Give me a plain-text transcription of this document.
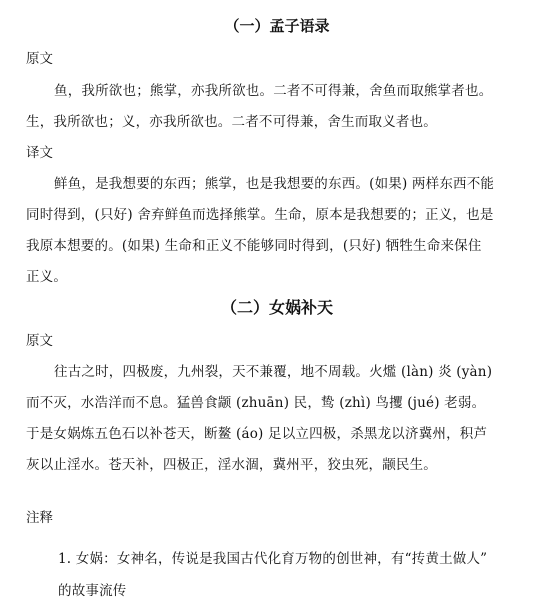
（一）孟子语录
原文
鱼，我所欲也；熊掌，亦我所欲也。二者不可得兼，舍鱼而取熊掌者也。
生，我所欲也；义，亦我所欲也。二者不可得兼，舍生而取义者也。
译文
鲜鱼，是我想要的东西；熊掌，也是我想要的东西。(如果) 两样东西不能
同时得到，(只好) 舍弃鲜鱼而选择熊掌。生命，原本是我想要的；正义，也是
我原本想要的。(如果) 生命和正义不能够同时得到，(只好) 牺牲生命来保住
正义。
（二）女娲补天
原文
往古之时，四极废，九州裂，天不兼覆，地不周载。火爁 (làn) 炎 (yàn)
而不灭，水浩洋而不息。猛兽食颛 (zhuān) 民，鸷 (zhì) 鸟攫 (jué) 老弱。
于是女娲炼五色石以补苍天，断鳌 (áo) 足以立四极，杀黑龙以济冀州，积芦
灰以止淫水。苍天补，四极正，淫水涸，冀州平，狡虫死，颛民生。
注释
1. 女娲：女神名，传说是我国古代化育万物的创世神，有“抟黄土做人”
的故事流传
